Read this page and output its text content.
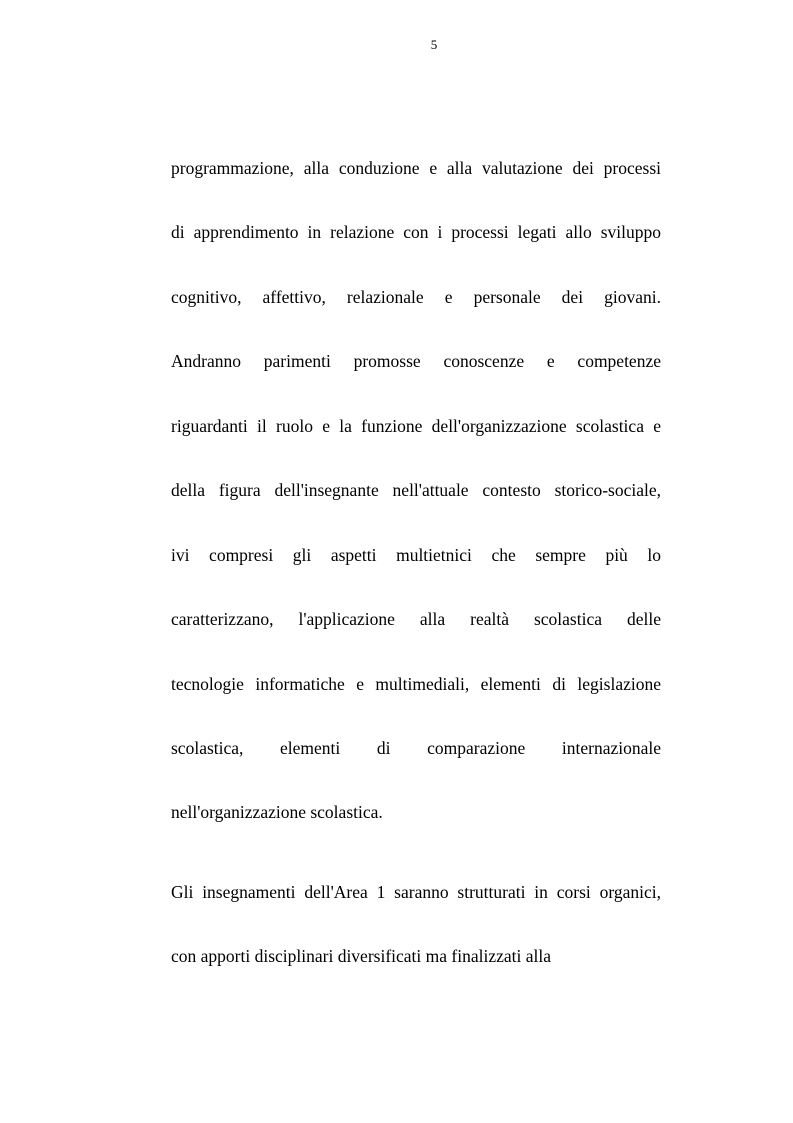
5
programmazione, alla conduzione e alla valutazione dei processi
di apprendimento in relazione con i processi legati allo sviluppo
cognitivo, affettivo, relazionale e personale dei giovani.
Andranno parimenti promosse conoscenze e competenze
riguardanti il ruolo e la funzione dell'organizzazione scolastica e
della figura dell'insegnante nell'attuale contesto storico-sociale,
ivi compresi gli aspetti multietnici che sempre più lo
caratterizzano, l'applicazione alla realtà scolastica delle
tecnologie informatiche e multimediali, elementi di legislazione
scolastica, elementi di comparazione internazionale
nell'organizzazione scolastica.
Gli insegnamenti dell'Area 1 saranno strutturati in corsi organici,
con apporti disciplinari diversificati ma finalizzati alla
